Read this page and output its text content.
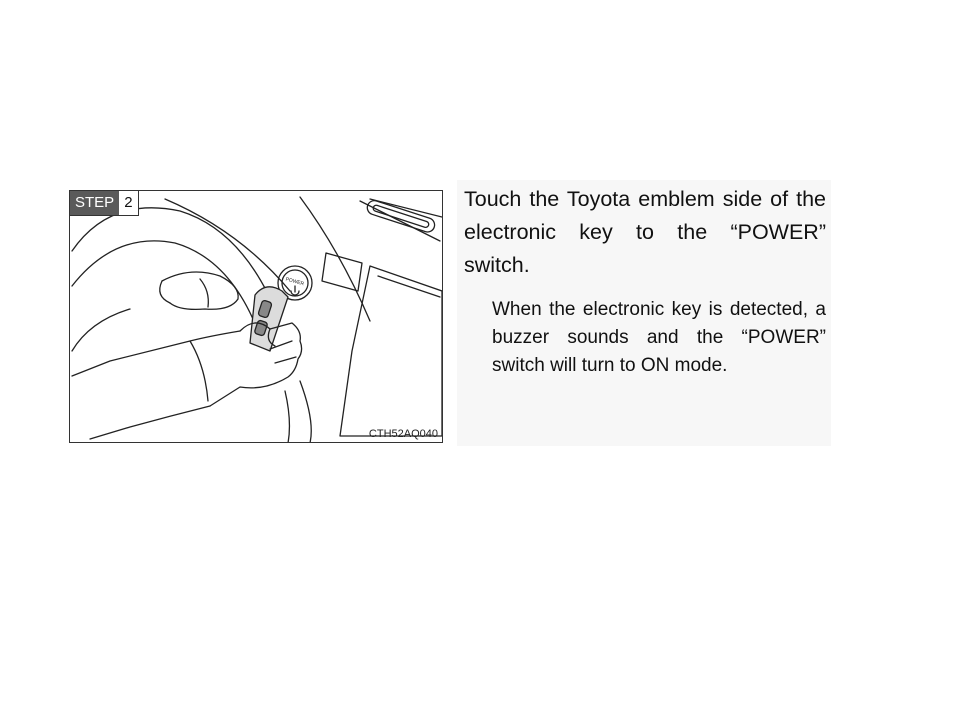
POWER
STEP 2
CTH52AQ040

Touch the Toyota emblem side of the electronic key to the “POWER” switch.

When the electronic key is detected, a buzzer sounds and the “POWER” switch will turn to ON mode.
